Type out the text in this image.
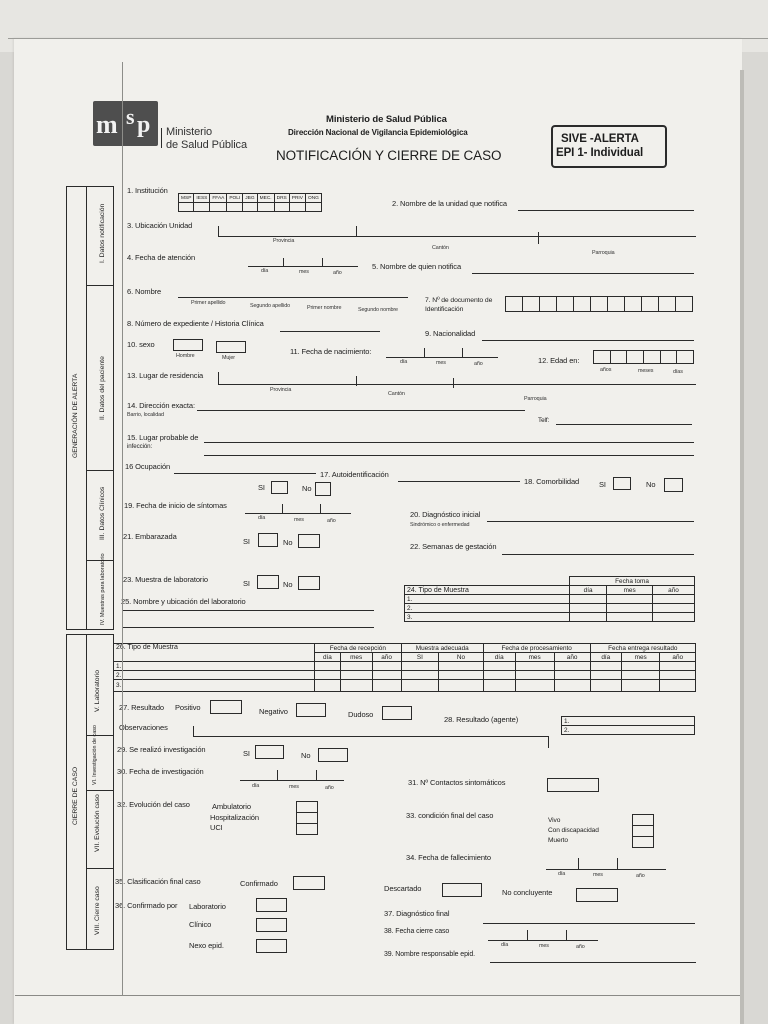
m s p Ministerio
de Salud Pública
Ministerio de Salud Pública
Dirección Nacional de Vigilancia Epidemiológica
NOTIFICACIÓN Y CIERRE DE CASO
SIVE -ALERTA
EPI 1- Individual
GENERACIÓN DE ALERTA
I. Datos notificación
II. Datos del paciente
III. Datos Clínicos
IV. Muestras para laboratorio
CIERRE DE CASO
V. Laboratorio
VI. Investigación de caso
VII. Evolución caso
VIII. Cierre caso
1. Institución
MSP	IESS	FFAA	POLI	JBG	MEC.	DRS	PRIV	ONG

2. Nombre de la unidad que notifica
3. Ubicación Unidad
Provincia
Cantón
Parroquia
4. Fecha de atención
día	mes	año
5. Nombre de quien notifica
6. Nombre
Primer apellido	Segundo apellido	Primer nombre	Segundo nombre
7. Nº de documento de
Identificación
8. Número de expediente / Historia Clínica
9. Nacionalidad
10. sexo
Hombre	Mujer
11. Fecha de nacimiento:
día	mes	año	12. Edad en:
años	meses	días
13. Lugar de residencia
Provincia
Cantón
Parroquia
14. Dirección exacta:
Barrio, localidad
Telf:
15. Lugar probable de
infección:
16 Ocupación
17. Autoidentificación
18. Comorbilidad	SI	No
SI	No
19. Fecha de inicio de síntomas
día	mes	año
20. Diagnóstico inicial
Sindrómico o enfermedad
21. Embarazada
SI	No	22. Semanas de gestación
23. Muestra de laboratorio	SI	No
25. Nombre y ubicación del laboratorio
	Fecha toma		
24. Tipo de Muestra	día	mes	año
1.			
2.			
3.			
26. Tipo de Muestra	Fecha de recepción			Muestra adecuada		Fecha de procesamiento			Fecha entrega resultado		
	día	mes	año	SI	No	día	mes	año	día	mes	año
1.											
2.											
3.											
27. Resultado Positivo	Negativo	Dudoso
28. Resultado (agente)	1.
2.
Observaciones
29. Se realizó investigación	SI	No
30. Fecha de investigación
día	mes	año
31. Nº Contactos sintomáticos
32. Evolución del caso	Ambulatorio
Hospitalización
UCI
33. condición final del caso
Vivo
Con discapacidad
Muerto
34. Fecha de fallecimiento
día	mes	año
35. Clasificación final caso	Confirmado
Descartado	No concluyente
36. Confirmado por Laboratorio
Clínico
Nexo epid.
37. Diagnóstico final
38. Fecha cierre caso
día	mes	año
39. Nombre responsable epid.
